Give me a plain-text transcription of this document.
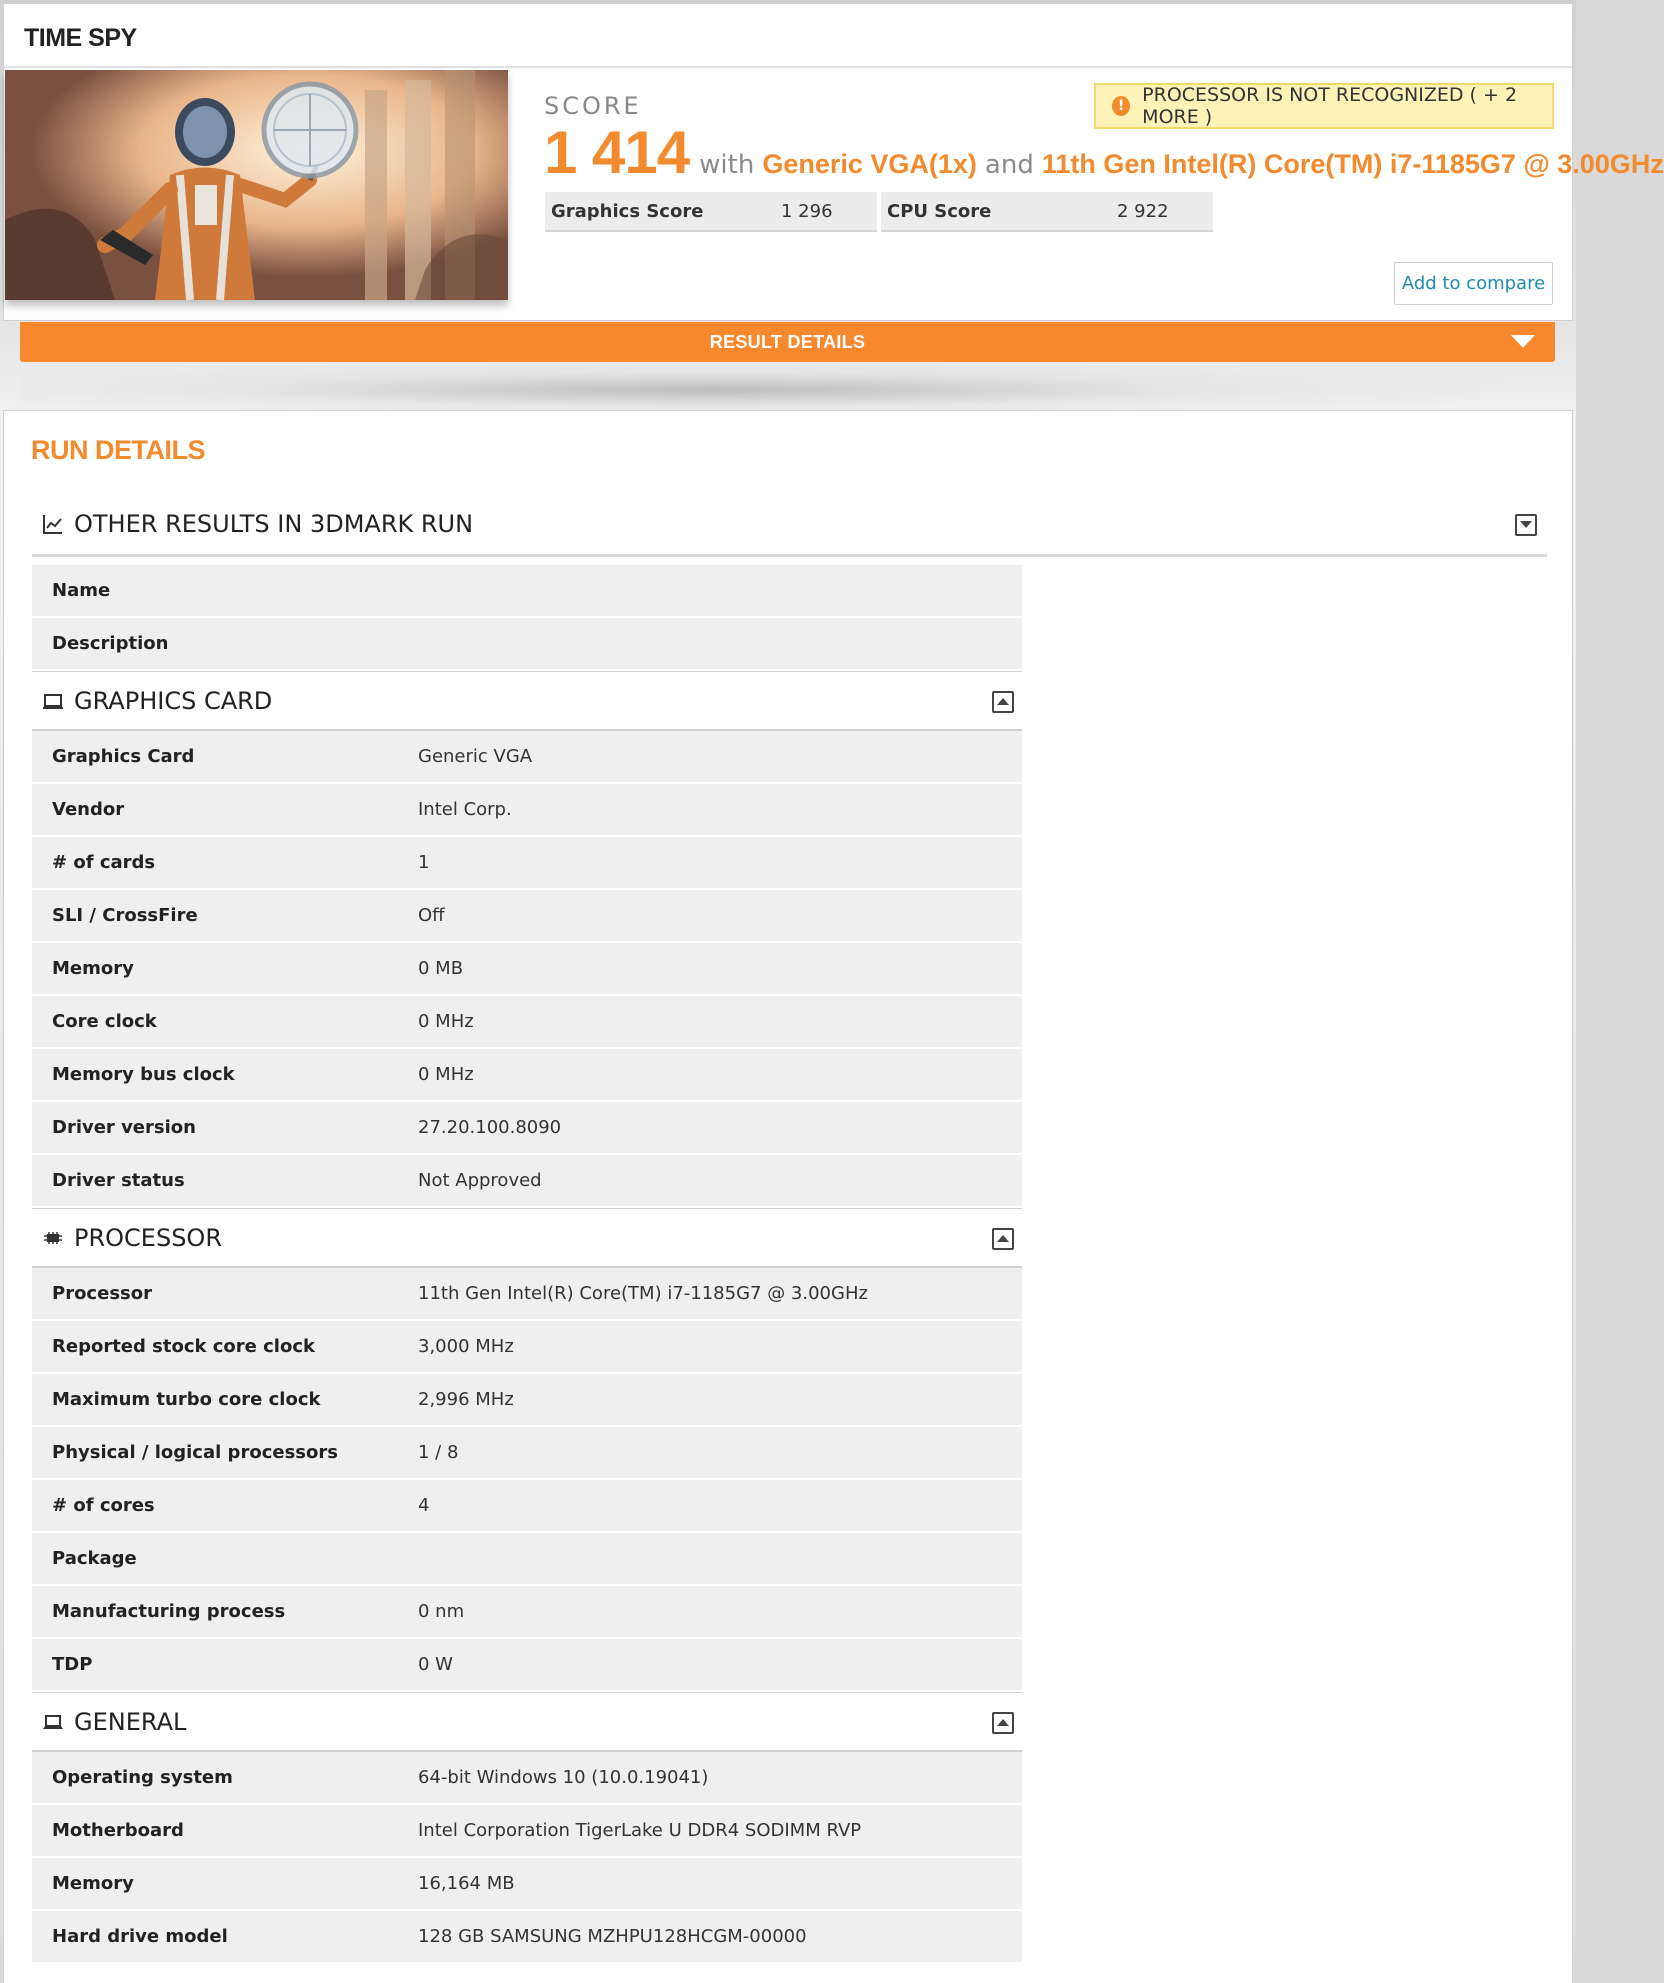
TIME SPY
SCORE
1 414 with Generic VGA(1x) and 11th Gen Intel(R) Core(TM) i7-1185G7 @ 3.00GHz
! PROCESSOR IS NOT RECOGNIZED ( + 2 MORE )
Graphics Score	1 296	CPU Score	2 922
Add to compare
RESULT DETAILS
RUN DETAILS
OTHER RESULTS IN 3DMARK RUN
Name
Description
GRAPHICS CARD
Graphics Card	Generic VGA
Vendor	Intel Corp.
# of cards	1
SLI / CrossFire	Off
Memory	0 MB
Core clock	0 MHz
Memory bus clock	0 MHz
Driver version	27.20.100.8090
Driver status	Not Approved
PROCESSOR
Processor	11th Gen Intel(R) Core(TM) i7-1185G7 @ 3.00GHz
Reported stock core clock	3,000 MHz
Maximum turbo core clock	2,996 MHz
Physical / logical processors	1 / 8
# of cores	4
Package
Manufacturing process	0 nm
TDP	0 W
GENERAL
Operating system	64-bit Windows 10 (10.0.19041)
Motherboard	Intel Corporation TigerLake U DDR4 SODIMM RVP
Memory	16,164 MB
Hard drive model	128 GB SAMSUNG MZHPU128HCGM-00000
